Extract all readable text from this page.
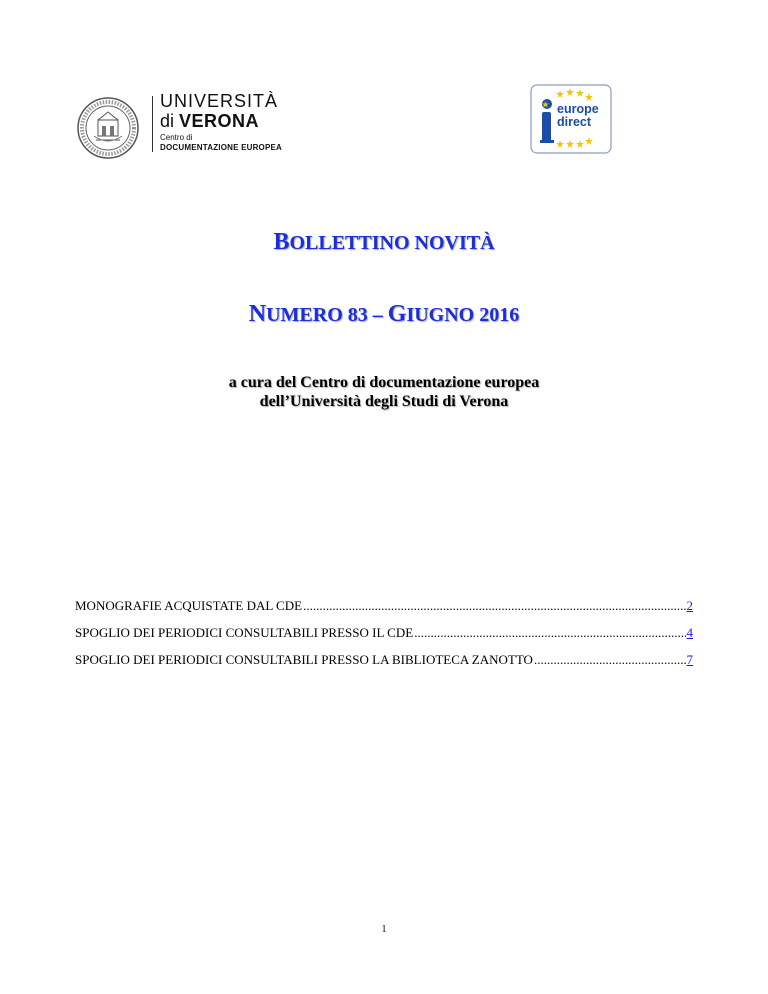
UNIVERSITÀ
di VERONA
Centro di
DOCUMENTAZIONE EUROPEA
europe
direct
BOLLETTINO NOVITÀ
NUMERO 83 – GIUGNO 2016
a cura del Centro di documentazione europea
dell’Università degli Studi di Verona
MONOGRAFIE ACQUISTATE DAL CDE .....	2
SPOGLIO DEI PERIODICI CONSULTABILI PRESSO IL CDE .....	4
SPOGLIO DEI PERIODICI CONSULTABILI PRESSO LA BIBLIOTECA ZANOTTO .....	7
1
